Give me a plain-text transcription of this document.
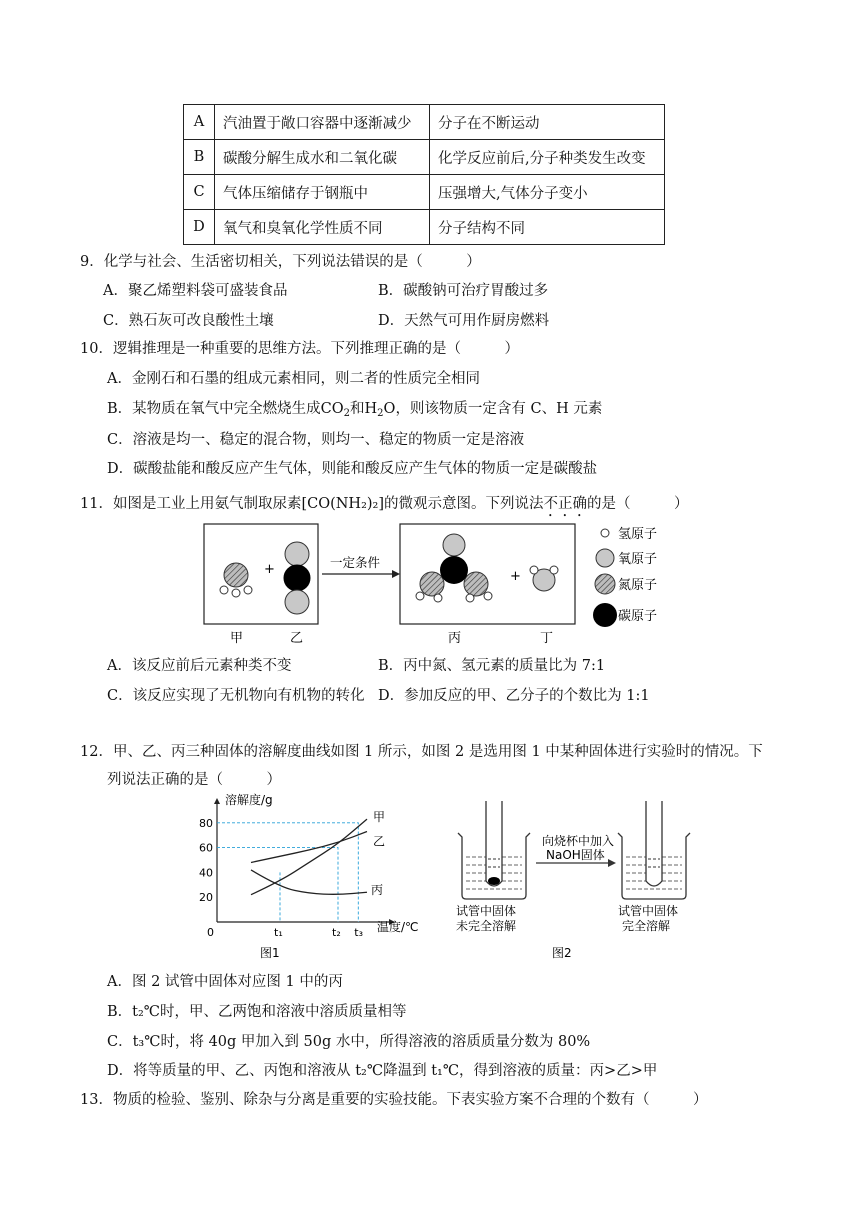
A	汽油置于敞口容器中逐渐减少	分子在不断运动
B	碳酸分解生成水和二氧化碳	化学反应前后,分子种类发生改变
C	气体压缩储存于钢瓶中	压强增大,气体分子变小
D	氧气和臭氧化学性质不同	分子结构不同
9．化学与社会、生活密切相关，下列说法错误的是（　　　）
A．聚乙烯塑料袋可盛装食品	B．碳酸钠可治疗胃酸过多
C．熟石灰可改良酸性土壤	D．天然气可用作厨房燃料
10．逻辑推理是一种重要的思维方法。下列推理正确的是（　　　）
A．金刚石和石墨的组成元素相同，则二者的性质完全相同
B．某物质在氧气中完全燃烧生成$CO_2$和$H_2O$，则该物质一定含有 C、H 元素
C．溶液是均一、稳定的混合物，则均一、稳定的物质一定是溶液
D．碳酸盐能和酸反应产生气体，则能和酸反应产生气体的物质一定是碳酸盐
11．如图是工业上用氨气制取尿素[CO(NH₂)₂]的微观示意图。下列说法不正确的是（　　　）
+	一定条件
+
甲	乙	丙	丁
氢原子
氧原子
氮原子
碳原子
A．该反应前后元素种类不变	B．丙中氮、氢元素的质量比为 7:1
C．该反应实现了无机物向有机物的转化 D．参加反应的甲、乙分子的个数比为 1:1
12．甲、乙、丙三种固体的溶解度曲线如图 1 所示，如图 2 是选用图 1 中某种固体进行实验时的情况。下
列说法正确的是（　　　）
20
40
60
80
0	t₁	t₂ t₃
甲
乙
丙
溶解度/g
温度/℃
图1
向烧杯中加入
NaOH固体
试管中固体
未完全溶解
试管中固体
完全溶解
图2
A．图 2 试管中固体对应图 1 中的丙
B．t₂℃时，甲、乙两饱和溶液中溶质质量相等
C．t₃℃时，将 40g 甲加入到 50g 水中，所得溶液的溶质质量分数为 80%
D．将等质量的甲、乙、丙饱和溶液从 t₂℃降温到 t₁℃，得到溶液的质量：丙>乙>甲
13．物质的检验、鉴别、除杂与分离是重要的实验技能。下表实验方案不合理的个数有（　　　）
